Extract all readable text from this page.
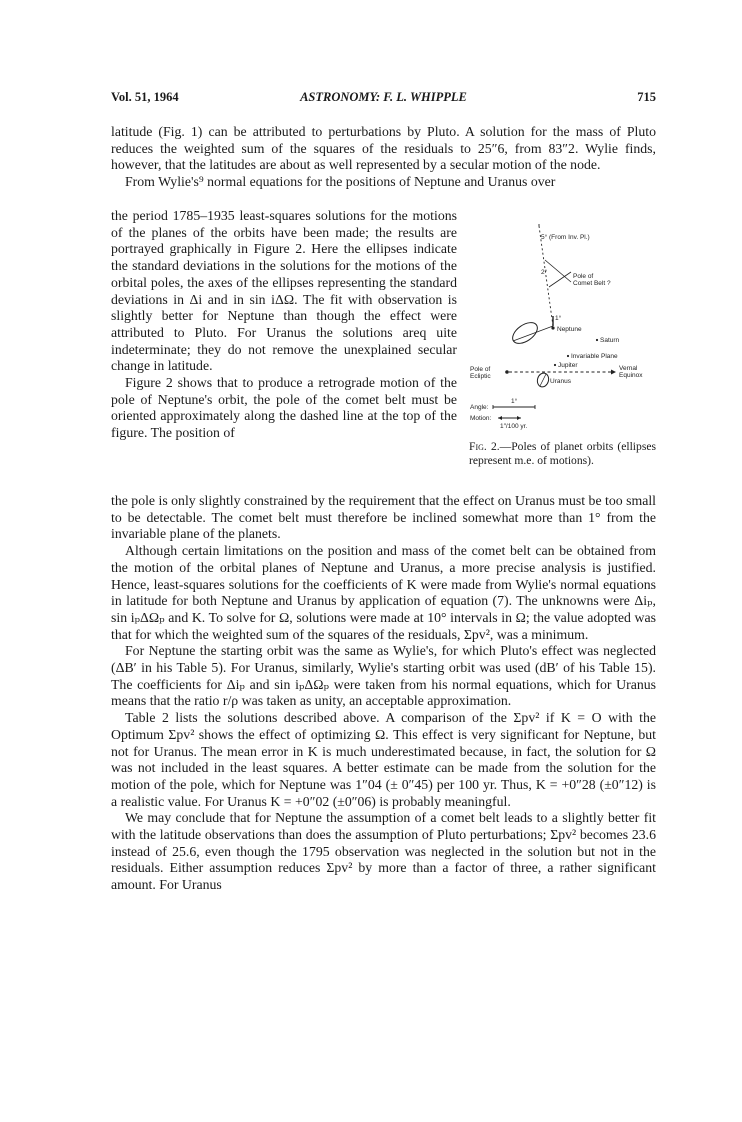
Vol. 51, 1964	ASTRONOMY: F. L. WHIPPLE	715

latitude (Fig. 1) can be attributed to perturbations by Pluto. A solution for the mass of Pluto reduces the weighted sum of the squares of the residuals to 25″6, from 83″2. Wylie finds, however, that the latitudes are about as well represented by a secular motion of the node.

From Wylie's⁹ normal equations for the positions of Neptune and Uranus over

the period 1785–1935 least-squares solutions for the motions of the planes of the orbits have been made; the results are portrayed graphically in Figure 2. Here the ellipses indicate the standard deviations in the solutions for the motions of the orbital poles, the axes of the ellipses representing the standard deviations in Δi and in sin iΔΩ. The fit with observation is slightly better for Neptune than though the effect were attributed to Pluto. For Uranus the solutions areq uite indeterminate; they do not remove the unexplained secular change in latitude.

Figure 2 shows that to produce a retrograde motion of the pole of Neptune's orbit, the pole of the comet belt must be oriented approximately along the dashed line at the top of the figure. The position of

5° (From Inv. Pl.)
2°
Pole of
Comet Belt ?
1°
Neptune
Saturn
Invariable Plane
Jupiter
Pole of
Ecliptic
Vernal
Equinox
Uranus
Angle:
1°
Motion:
1″/100 yr.
Fig. 2.—Poles of planet orbits (ellipses represent m.e. of motions).

the pole is only slightly constrained by the requirement that the effect on Uranus must be too small to be detectable. The comet belt must therefore be inclined somewhat more than 1° from the invariable plane of the planets.

Although certain limitations on the position and mass of the comet belt can be obtained from the motion of the orbital planes of Neptune and Uranus, a more precise analysis is justified. Hence, least-squares solutions for the coefficients of K were made from Wylie's normal equations in latitude for both Neptune and Uranus by application of equation (7). The unknowns were Δiₚ, sin iₚΔΩₚ and K. To solve for Ω, solutions were made at 10° intervals in Ω; the value adopted was that for which the weighted sum of the squares of the residuals, Σpv², was a minimum.

For Neptune the starting orbit was the same as Wylie's, for which Pluto's effect was neglected (ΔB′ in his Table 5). For Uranus, similarly, Wylie's starting orbit was used (dB′ of his Table 15). The coefficients for Δiₚ and sin iₚΔΩₚ were taken from his normal equations, which for Uranus means that the ratio r/ρ was taken as unity, an acceptable approximation.

Table 2 lists the solutions described above. A comparison of the Σpv² if K = O with the Optimum Σpv² shows the effect of optimizing Ω. This effect is very significant for Neptune, but not for Uranus. The mean error in K is much underestimated because, in fact, the solution for Ω was not included in the least squares. A better estimate can be made from the solution for the motion of the pole, which for Neptune was 1″04 (± 0″45) per 100 yr. Thus, K = +0″28 (±0″12) is a realistic value. For Uranus K = +0″02 (±0″06) is probably meaningful.

We may conclude that for Neptune the assumption of a comet belt leads to a slightly better fit with the latitude observations than does the assumption of Pluto perturbations; Σpv² becomes 23.6 instead of 25.6, even though the 1795 observation was neglected in the solution but not in the residuals. Either assumption reduces Σpv² by more than a factor of three, a rather significant amount. For Uranus
